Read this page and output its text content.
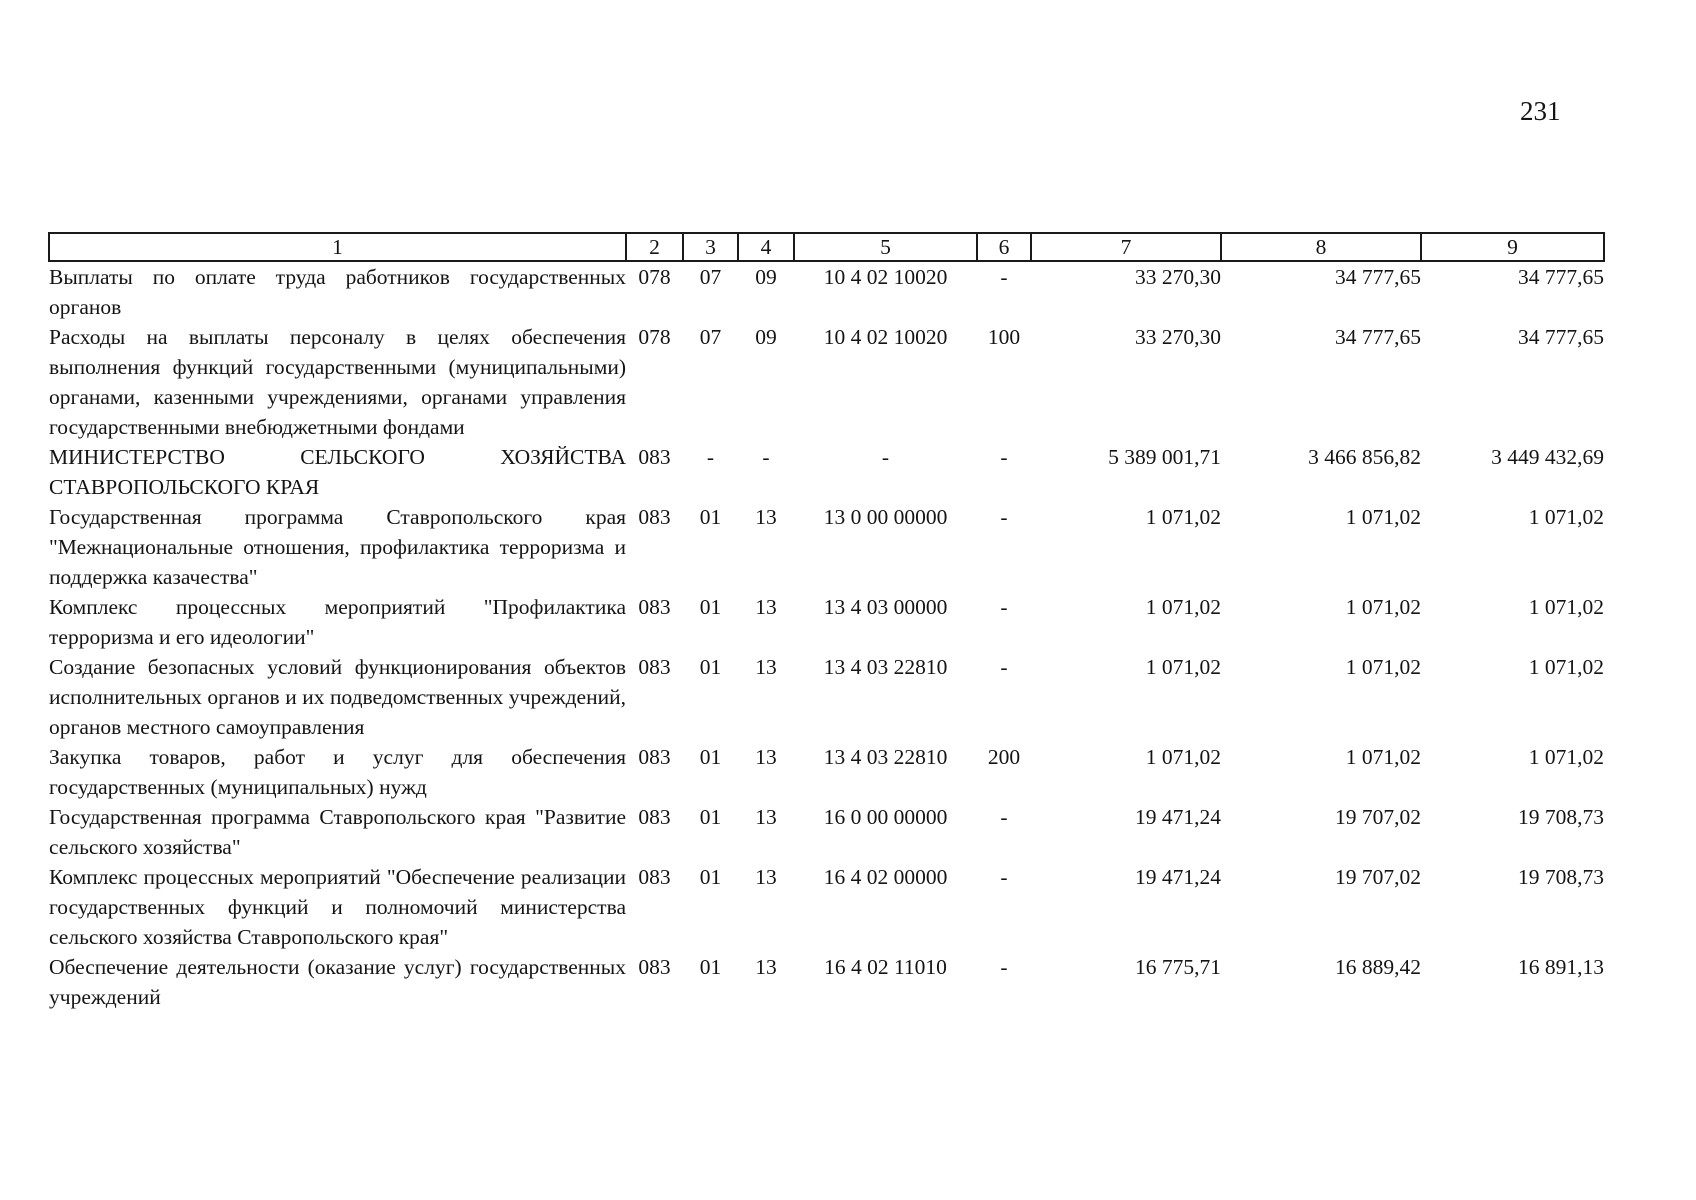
231
1	2	3	4	5	6	7	8	9
Выплаты по оплате труда работников государственных органов	078	07	09	10 4 02 10020	-	33 270,30	34 777,65	34 777,65
Расходы на выплаты персоналу в целях обеспечения выполнения функций государственными (муниципальными) органами, казенными учреждениями, органами управления государственными внебюджетными фондами	078	07	09	10 4 02 10020	100	33 270,30	34 777,65	34 777,65
МИНИСТЕРСТВО СЕЛЬСКОГО ХОЗЯЙСТВА СТАВРОПОЛЬСКОГО КРАЯ	083	-	-	-	-	5 389 001,71	3 466 856,82	3 449 432,69
Государственная программа Ставропольского края "Межнациональные отношения, профилактика терроризма и поддержка казачества"	083	01	13	13 0 00 00000	-	1 071,02	1 071,02	1 071,02
Комплекс процессных мероприятий "Профилактика терроризма и его идеологии"	083	01	13	13 4 03 00000	-	1 071,02	1 071,02	1 071,02
Создание безопасных условий функционирования объектов исполнительных органов и их подведомственных учреждений, органов местного самоуправления	083	01	13	13 4 03 22810	-	1 071,02	1 071,02	1 071,02
Закупка товаров, работ и услуг для обеспечения государственных (муниципальных) нужд	083	01	13	13 4 03 22810	200	1 071,02	1 071,02	1 071,02
Государственная программа Ставропольского края "Развитие сельского хозяйства"	083	01	13	16 0 00 00000	-	19 471,24	19 707,02	19 708,73
Комплекс процессных мероприятий "Обеспечение реализации государственных функций и полномочий министерства сельского хозяйства Ставропольского края"	083	01	13	16 4 02 00000	-	19 471,24	19 707,02	19 708,73
Обеспечение деятельности (оказание услуг) государственных учреждений	083	01	13	16 4 02 11010	-	16 775,71	16 889,42	16 891,13
